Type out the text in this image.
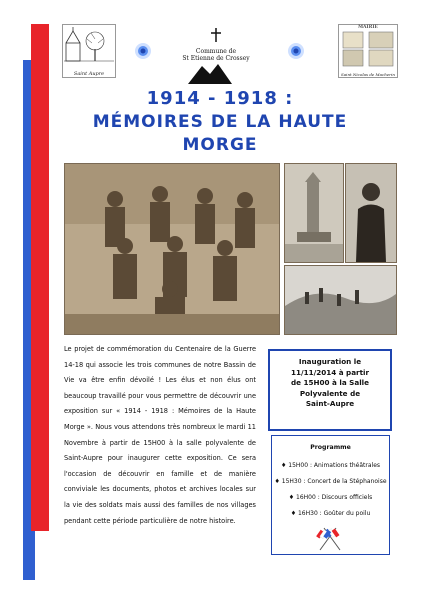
Saint Aupre
Commune de
St Etienne de Crossey
MAIRIE
Saint Nicolas de Macherin
1914 - 1918 :
MÉMOIRES DE LA HAUTE
MORGE
Le projet de commémoration du Centenaire de la Guerre 14-18 qui associe les trois communes de notre Bassin de Vie va être enfin dévoilé ! Les élus et non élus ont beaucoup travaillé pour vous permettre de découvrir une exposition sur « 1914 - 1918 : Mémoires de la Haute Morge ». Nous vous attendons très nombreux le mardi 11 Novembre à partir de 15H00 à la salle polyvalente de Saint-Aupre pour inaugurer cette exposition. Ce sera l'occasion de découvrir en famille et de manière conviviale les documents, photos et archives locales sur la vie des soldats mais aussi des familles de nos villages pendant cette période particulière de notre histoire.
Inauguration le
11/11/2014 à partir
de 15H00 à la Salle
Polyvalente de
Saint-Aupre
Programme
♦ 15H00 : Animations théâtrales
♦ 15H30 : Concert de la Stéphanoise
♦ 16H00 : Discours officiels
♦ 16H30 : Goûter du poilu
